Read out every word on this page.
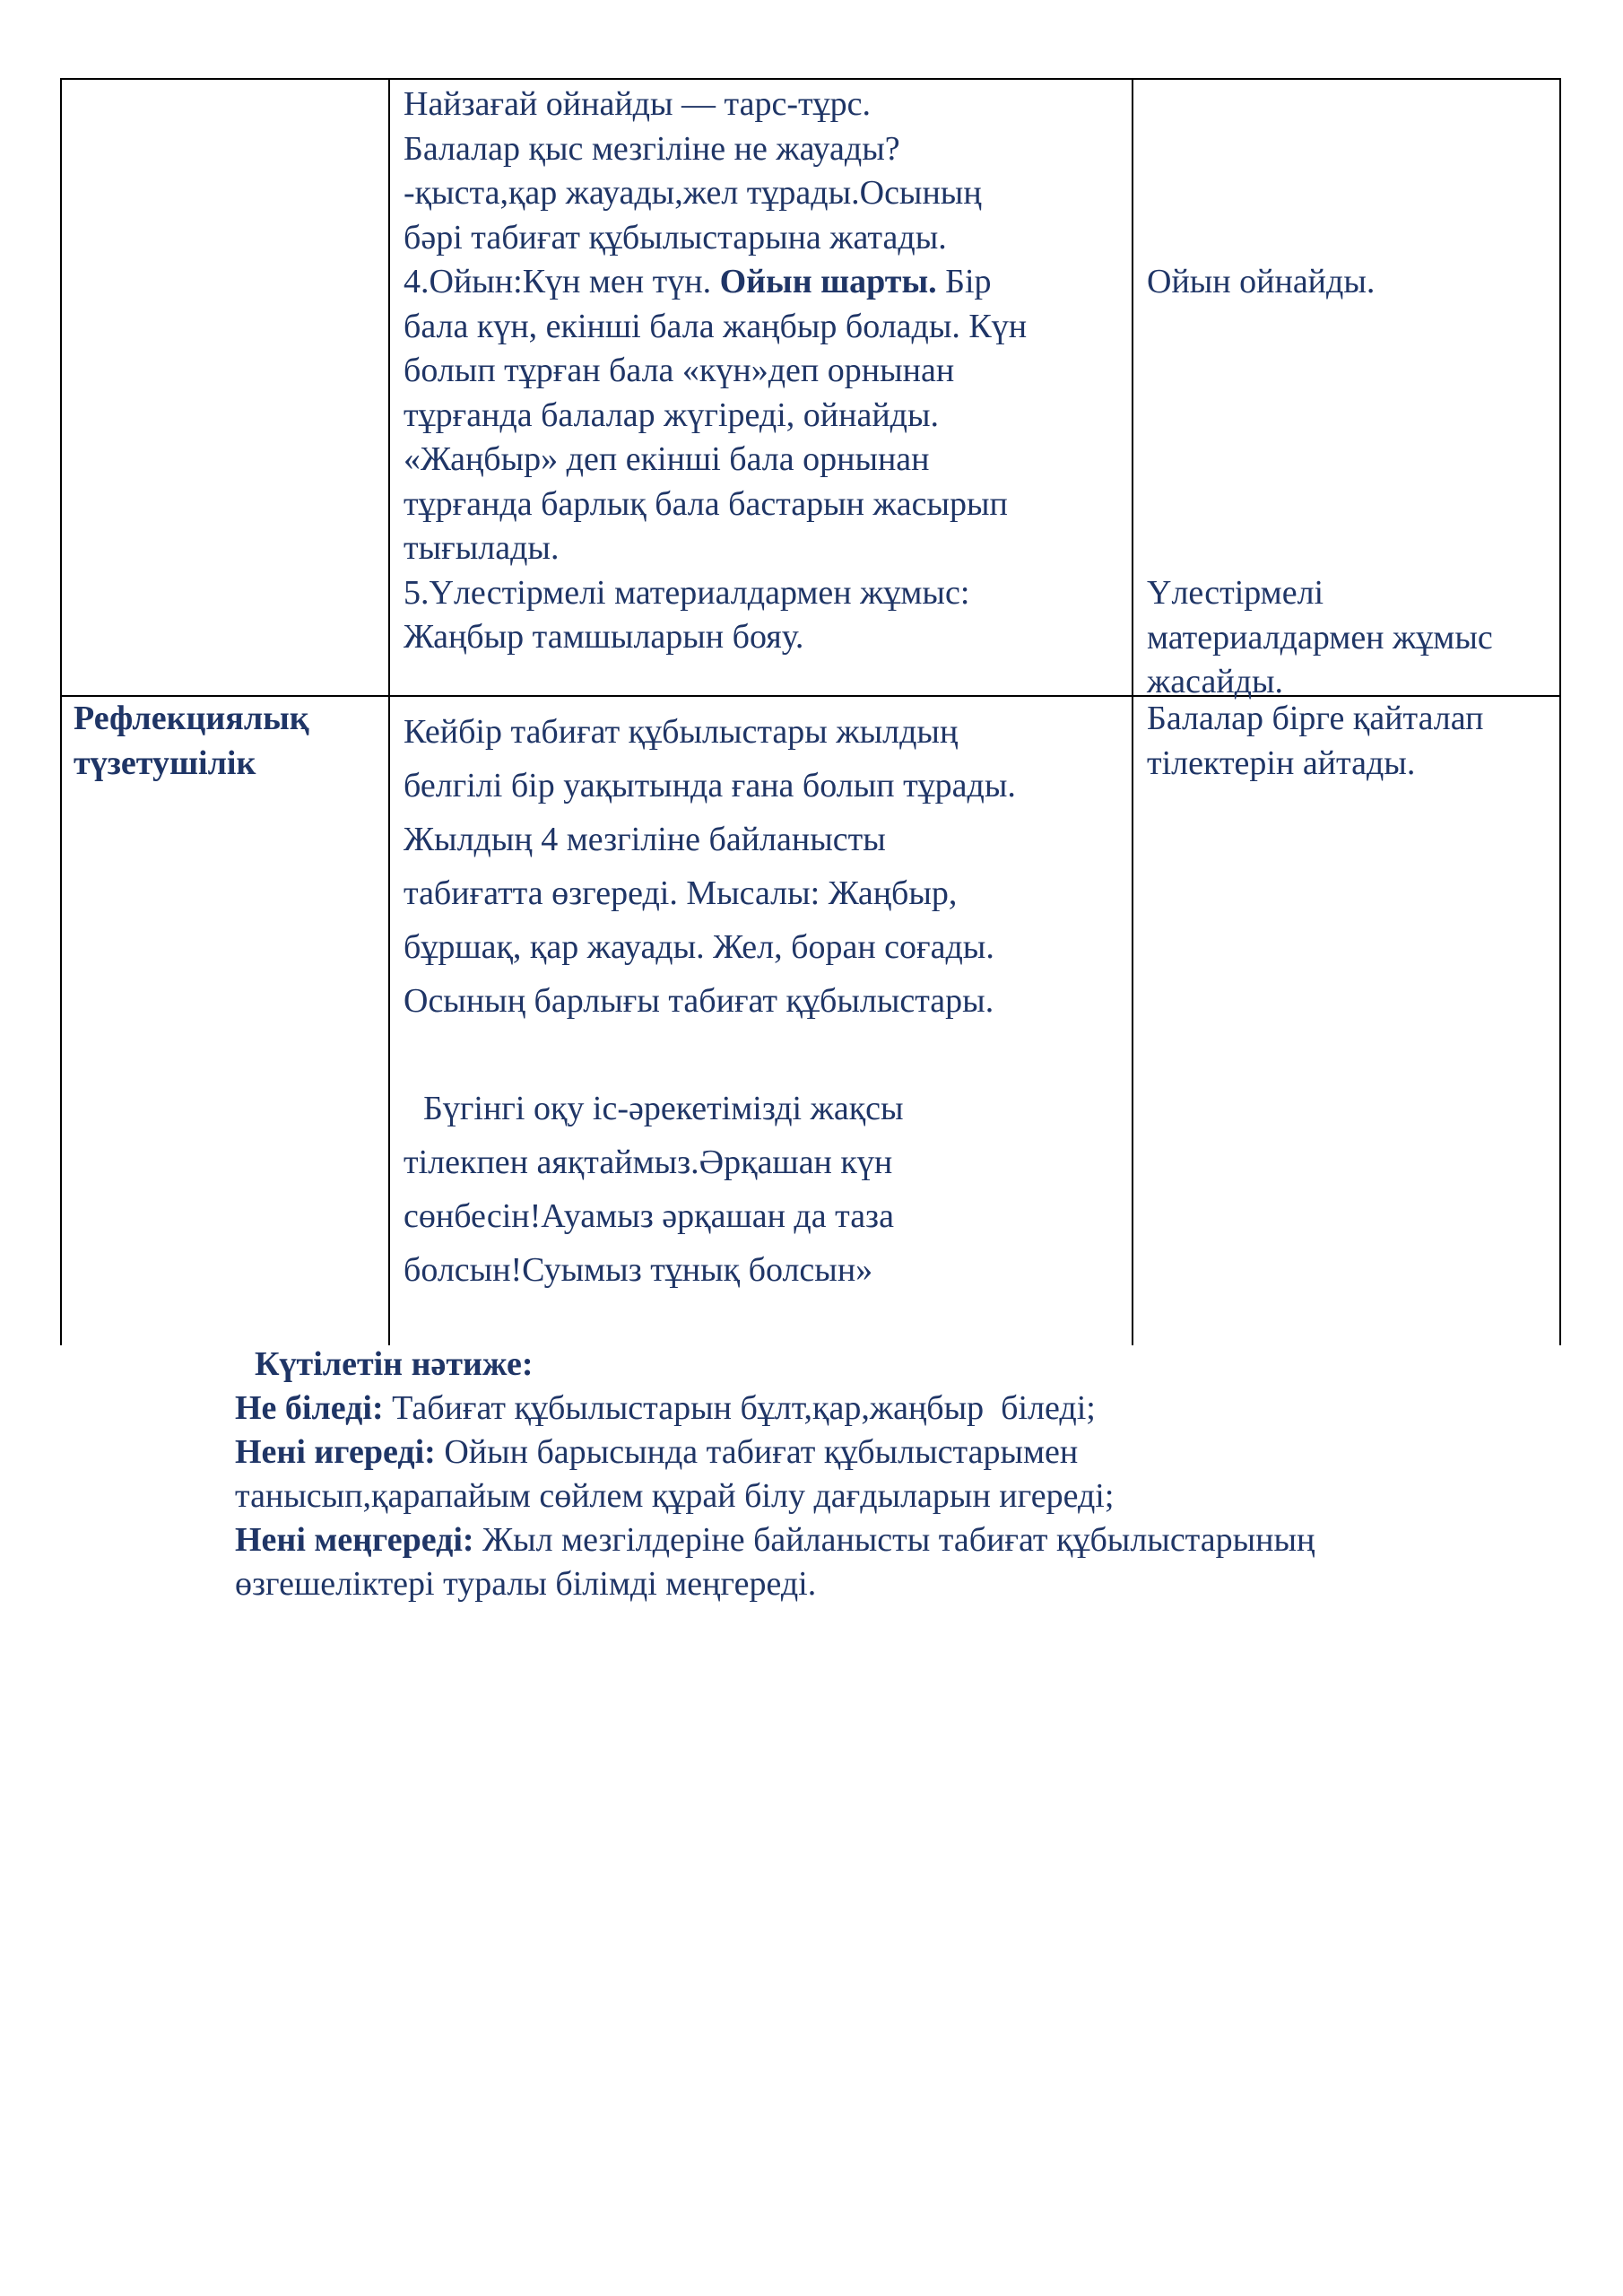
Найзағай ойнайды — тарс-тұрс.
Балалар қыс мезгіліне не жауады?
-қыста,қар жауады,жел тұрады.Осының
бәрі табиғат құбылыстарына жатады.
4.Ойын:Күн мен түн. Ойын шарты. Бір
бала күн, екінші бала жаңбыр болады. Күн
болып тұрған бала «күн»деп орнынан
тұрғанда балалар жүгіреді, ойнайды.
«Жаңбыр» деп екінші бала орнынан
тұрғанда барлық бала бастарын жасырып
тығылады.
5.Үлестірмелі материалдармен жұмыс:
Жаңбыр тамшыларын бояу.
Ойын ойнайды.
Үлестірмелі
материалдармен жұмыс
жасайды.
Рефлекциялық
түзетушілік
Кейбір табиғат құбылыстары жылдың
белгілі бір уақытында ғана болып тұрады.
Жылдың 4 мезгіліне байланысты
табиғатта өзгереді. Мысалы: Жаңбыр,
бұршақ, қар жауады. Жел, боран соғады.
Осының барлығы табиғат құбылыстары.
Бүгінгі оқу іс-әрекетімізді жақсы
тілекпен аяқтаймыз.Әрқашан күн
сөнбесін!Ауамыз әрқашан да таза
болсын!Суымыз тұнық болсын»
Балалар бірге қайталап
тілектерін айтады.
Күтілетін нәтиже:
Не біледі: Табиғат құбылыстарын бұлт,қар,жаңбыр  біледі;
Нені игереді: Ойын барысында табиғат құбылыстарымен
танысып,қарапайым сөйлем құрай білу дағдыларын игереді;
Нені меңгереді: Жыл мезгілдеріне байланысты табиғат құбылыстарының
өзгешеліктері туралы білімді меңгереді.
